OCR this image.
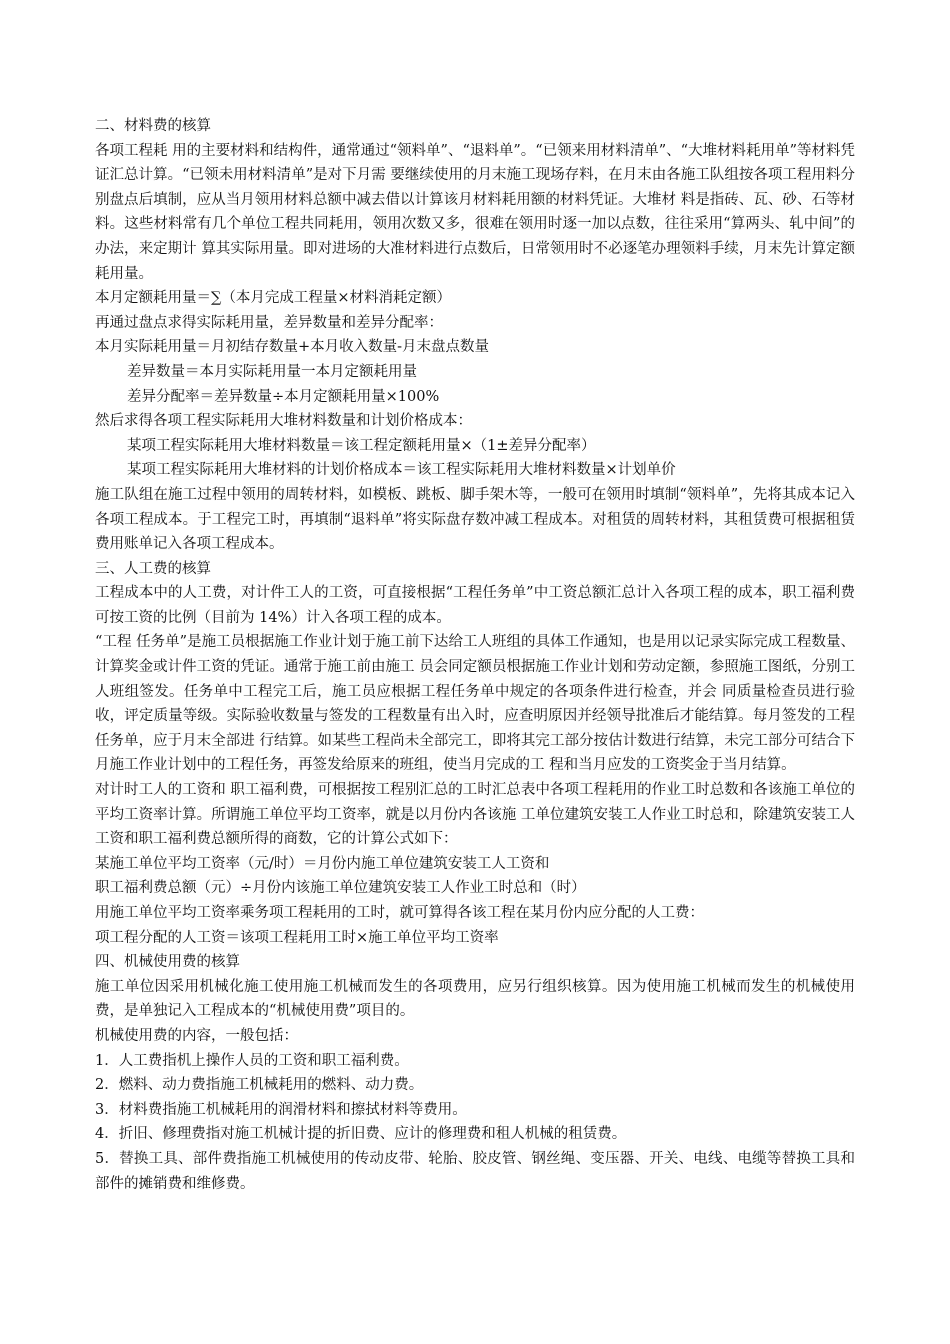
二、材料费的核算

各项工程耗 用的主要材料和结构件，通常通过“领料单”、“退料单”。“已领来用材料清单”、“大堆材料耗用单”等材料凭证汇总计算。“已领未用材料清单”是对下月需 要继续使用的月末施工现场存料，在月末由各施工队组按各项工程用料分别盘点后填制，应从当月领用材料总额中减去借以计算该月材料耗用额的材料凭证。大堆材 料是指砖、瓦、砂、石等材料。这些材料常有几个单位工程共同耗用，领用次数又多，很难在领用时逐一加以点数，往往采用“算两头、轧中间”的办法，来定期计 算其实际用量。即对进场的大准材料进行点数后，日常领用时不必逐笔办理领料手续，月末先计算定额耗用量。

本月定额耗用量＝∑（本月完成工程量×材料消耗定额）

再通过盘点求得实际耗用量，差异数量和差异分配率：

本月实际耗用量＝月初结存数量+本月收入数量-月末盘点数量

差异数量＝本月实际耗用量一本月定额耗用量

差异分配率＝差异数量÷本月定额耗用量×100%

然后求得各项工程实际耗用大堆材料数量和计划价格成本：

某项工程实际耗用大堆材料数量＝该工程定额耗用量×（1±差异分配率）

某项工程实际耗用大堆材料的计划价格成本＝该工程实际耗用大堆材料数量×计划单价

施工队组在施工过程中领用的周转材料，如模板、跳板、脚手架木等，一般可在领用时填制“领料单”，先将其成本记入各项工程成本。于工程完工时，再填制“退料单”将实际盘存数冲减工程成本。对租赁的周转材料，其租赁费可根据租赁费用账单记入各项工程成本。

三、人工费的核算

工程成本中的人工费，对计件工人的工资，可直接根据“工程任务单”中工资总额汇总计入各项工程的成本，职工福利费可按工资的比例（目前为 14%）计入各项工程的成本。

“工程 任务单”是施工员根据施工作业计划于施工前下达给工人班组的具体工作通知，也是用以记录实际完成工程数量、计算奖金或计件工资的凭证。通常于施工前由施工 员会同定额员根据施工作业计划和劳动定额，参照施工图纸，分别工人班组签发。任务单中工程完工后，施工员应根据工程任务单中规定的各项条件进行检查，并会 同质量检查员进行验收，评定质量等级。实际验收数量与签发的工程数量有出入时，应查明原因并经领导批准后才能结算。每月签发的工程任务单，应于月末全部进 行结算。如某些工程尚未全部完工，即将其完工部分按估计数进行结算，未完工部分可结合下月施工作业计划中的工程任务，再签发给原来的班组，使当月完成的工 程和当月应发的工资奖金于当月结算。

对计时工人的工资和 职工福利费，可根据按工程别汇总的工时汇总表中各项工程耗用的作业工时总数和各该施工单位的平均工资率计算。所谓施工单位平均工资率，就是以月份内各该施 工单位建筑安装工人作业工时总和，除建筑安装工人工资和职工福利费总额所得的商数，它的计算公式如下：

某施工单位平均工资率（元/时）＝月份内施工单位建筑安装工人工资和

职工福利费总额（元）÷月份内该施工单位建筑安装工人作业工时总和（时）

用施工单位平均工资率乘务项工程耗用的工时，就可算得各该工程在某月份内应分配的人工费：

项工程分配的人工资＝该项工程耗用工时×施工单位平均工资率

四、机械使用费的核算

施工单位因采用机械化施工使用施工机械而发生的各项费用，应另行组织核算。因为使用施工机械而发生的机械使用费，是单独记入工程成本的“机械使用费”项目的。

机械使用费的内容，一般包括：

1．人工费指机上操作人员的工资和职工福利费。

2．燃料、动力费指施工机械耗用的燃料、动力费。

3．材料费指施工机械耗用的润滑材料和擦拭材料等费用。

4．折旧、修理费指对施工机械计提的折旧费、应计的修理费和租人机械的租赁费。

5．替换工具、部件费指施工机械使用的传动皮带、轮胎、胶皮管、钢丝绳、变压器、开关、电线、电缆等替换工具和部件的摊销费和维修费。
